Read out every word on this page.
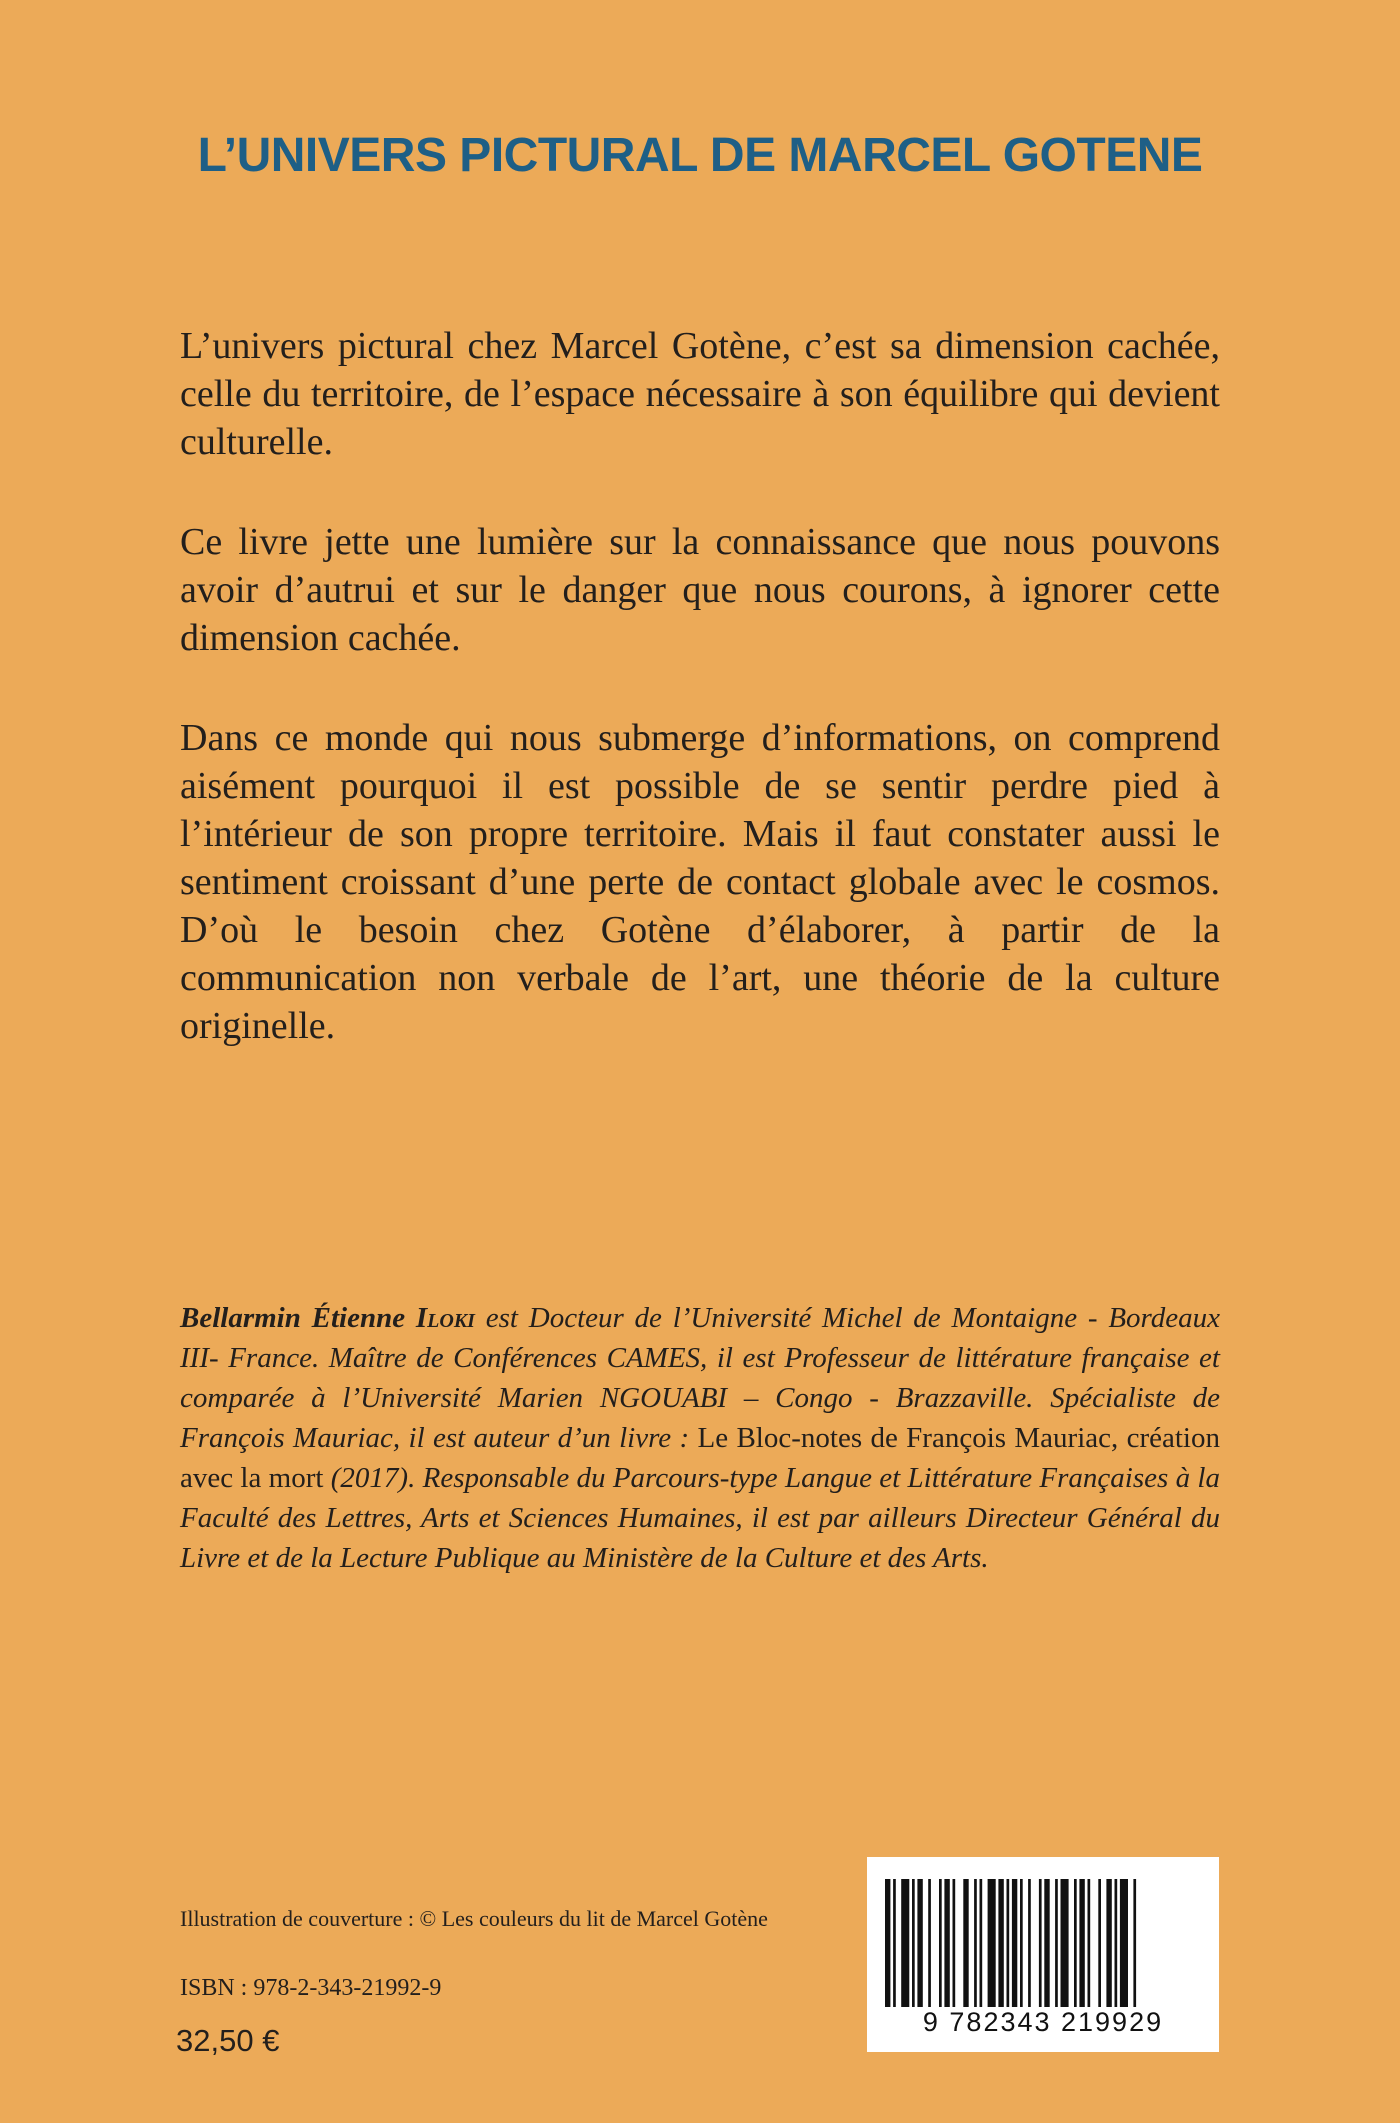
L’UNIVERS PICTURAL DE MARCEL GOTENE

L’univers pictural chez Marcel Gotène, c’est sa dimension cachée, celle du territoire, de l’espace nécessaire à son équilibre qui devient culturelle.

Ce livre jette une lumière sur la connaissance que nous pouvons avoir d’autrui et sur le danger que nous courons, à ignorer cette dimension cachée.

Dans ce monde qui nous submerge d’informations, on comprend aisément pourquoi il est possible de se sentir perdre pied à l’intérieur de son propre territoire. Mais il faut constater aussi le sentiment croissant d’une perte de contact globale avec le cosmos. D’où le besoin chez Gotène d’élaborer, à partir de la communication non verbale de l’art, une théorie de la culture originelle.

Bellarmin Étienne Iloki est Docteur de l’Université Michel de Montaigne - Bordeaux III- France. Maître de Conférences CAMES, il est Professeur de littérature française et comparée à l’Université Marien NGOUABI – Congo - Brazzaville. Spécialiste de François Mauriac, il est auteur d’un livre : Le Bloc-notes de François Mauriac, création avec la mort (2017). Responsable du Parcours-type Langue et Littérature Françaises à la Faculté des Lettres, Arts et Sciences Humaines, il est par ailleurs Directeur Général du Livre et de la Lecture Publique au Ministère de la Culture et des Arts.
Illustration de couverture : © Les couleurs du lit de Marcel Gotène
ISBN : 978-2-343-21992-9
32,50 €
9 782343 219929
